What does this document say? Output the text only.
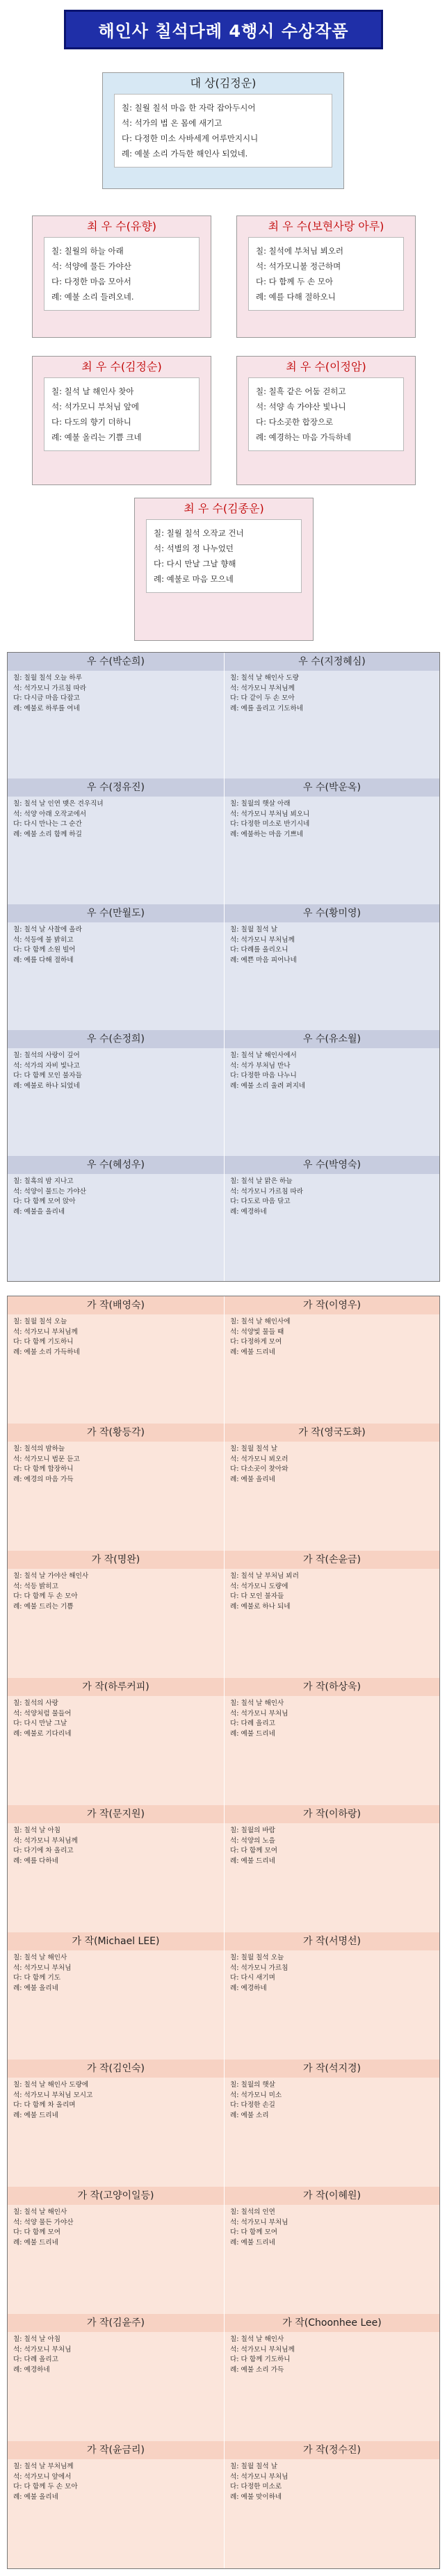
해인사 칠석다례 4행시 수상작품
대 상(김정운)
칠: 칠월 칠석 마음 한 자락 잡아두시어
석: 석가의 법 온 몸에 새기고
다: 다정한 미소 사바세계 어루만지시니
례: 예불 소리 가득한 해인사 되었네.
최 우 수(유향)
칠: 칠월의 하늘 아래
석: 석양에 물든 가야산
다: 다정한 마음 모아서
례: 예불 소리 들려오네.
최 우 수(보현사랑 아루)
칠: 칠석에 부처님 뵈오러
석: 석가모니불 정근하며
다: 다 함께 두 손 모아
례: 예를 다해 절하오니
최 우 수(김정순)
칠: 칠석 날 해인사 찾아
석: 석가모니 부처님 앞에
다: 다도의 향기 더하니
례: 예불 올리는 기쁨 크네
최 우 수(이정암)
칠: 칠흑 같은 어둠 걷히고
석: 석양 속 가야산 빛나니
다: 다소곳한 합장으로
례: 예경하는 마음 가득하네
최 우 수(김종운)
칠: 칠월 칠석 오작교 건너
석: 석별의 정 나누었던
다: 다시 만날 그날 향해
례: 예불로 마음 모으네
우 수(박순희)
칠: 칠월 칠석 오늘 하루
석: 석가모니 가르침 따라
다: 다시금 마음 다잡고
례: 예불로 하루를 여네
우 수(지정혜심)
칠: 칠석 날 해인사 도량
석: 석가모니 부처님께
다: 다 같이 두 손 모아
례: 예를 올리고 기도하네
우 수(정유진)
칠: 칠석 날 인연 맺은 견우직녀
석: 석양 아래 오작교에서
다: 다시 만나는 그 순간
례: 예불 소리 함께 하길
우 수(박운옥)
칠: 칠월의 햇살 아래
석: 석가모니 부처님 뵈오니
다: 다정한 미소로 반기시네
례: 예불하는 마음 기쁘네
우 수(만월도)
칠: 칠석 날 사찰에 올라
석: 석등에 불 밝히고
다: 다 함께 소원 빌어
례: 예를 다해 절하네
우 수(황미영)
칠: 칠월 칠석 날
석: 석가모니 부처님께
다: 다례를 올리오니
례: 예쁜 마음 피어나네
우 수(손정희)
칠: 칠석의 사랑이 깊어
석: 석가의 자비 빛나고
다: 다 함께 모인 불자들
례: 예불로 하나 되었네
우 수(유소월)
칠: 칠석 날 해인사에서
석: 석가 부처님 만나
다: 다정한 마음 나누니
례: 예불 소리 울려 퍼지네
우 수(혜성우)
칠: 칠흑의 밤 지나고
석: 석양이 물드는 가야산
다: 다 함께 모여 앉아
례: 예불을 올리네
우 수(박영숙)
칠: 칠석 날 맑은 하늘
석: 석가모니 가르침 따라
다: 다도로 마음 닦고
례: 예경하네
가 작(배영숙)
칠: 칠월 칠석 오늘
석: 석가모니 부처님께
다: 다 함께 기도하니
례: 예불 소리 가득하네
가 작(이영우)
칠: 칠석 날 해인사에
석: 석양빛 물들 때
다: 다정하게 모여
례: 예불 드리네
가 작(황등각)
칠: 칠석의 밤하늘
석: 석가모니 법문 듣고
다: 다 함께 합장하니
례: 예경의 마음 가득
가 작(영국도화)
칠: 칠월 칠석 날
석: 석가모니 뵈오러
다: 다소곳이 찾아와
례: 예불 올리네
가 작(명완)
칠: 칠석 날 가야산 해인사
석: 석등 밝히고
다: 다 함께 두 손 모아
례: 예불 드리는 기쁨
가 작(손윤금)
칠: 칠석 날 부처님 뵈러
석: 석가모니 도량에
다: 다 모인 불자들
례: 예불로 하나 되네
가 작(하루커피)
칠: 칠석의 사랑
석: 석양처럼 물들어
다: 다시 만날 그날
례: 예불로 기다리네
가 작(하상욱)
칠: 칠석 날 해인사
석: 석가모니 부처님
다: 다례 올리고
례: 예불 드리네
가 작(문지원)
칠: 칠석 날 아침
석: 석가모니 부처님께
다: 다기에 차 올리고
례: 예를 다하네
가 작(이하랑)
칠: 칠월의 바람
석: 석양의 노을
다: 다 함께 모여
례: 예불 드리네
가 작(Michael LEE)
칠: 칠석 날 해인사
석: 석가모니 부처님
다: 다 함께 기도
례: 예불 올리네
가 작(서명선)
칠: 칠월 칠석 오늘
석: 석가모니 가르침
다: 다시 새기며
례: 예경하네
가 작(김인숙)
칠: 칠석 날 해인사 도량에
석: 석가모니 부처님 모시고
다: 다 함께 차 올리며
례: 예불 드리네
가 작(석지경)
칠: 칠월의 햇살
석: 석가모니 미소
다: 다정한 손길
례: 예불 소리
가 작(고양이일등)
칠: 칠석 날 해인사
석: 석양 물든 가야산
다: 다 함께 모여
례: 예불 드리네
가 작(이혜원)
칠: 칠석의 인연
석: 석가모니 부처님
다: 다 함께 모여
례: 예불 드리네
가 작(김윤주)
칠: 칠석 날 아침
석: 석가모니 부처님
다: 다례 올리고
례: 예경하네
가 작(Choonhee Lee)
칠: 칠석 날 해인사
석: 석가모니 부처님께
다: 다 함께 기도하니
례: 예불 소리 가득
가 작(윤금리)
칠: 칠석 날 부처님께
석: 석가모니 앞에서
다: 다 함께 두 손 모아
례: 예불 올리네
가 작(정수진)
칠: 칠월 칠석 날
석: 석가모니 부처님
다: 다정한 미소로
례: 예불 맞이하네
